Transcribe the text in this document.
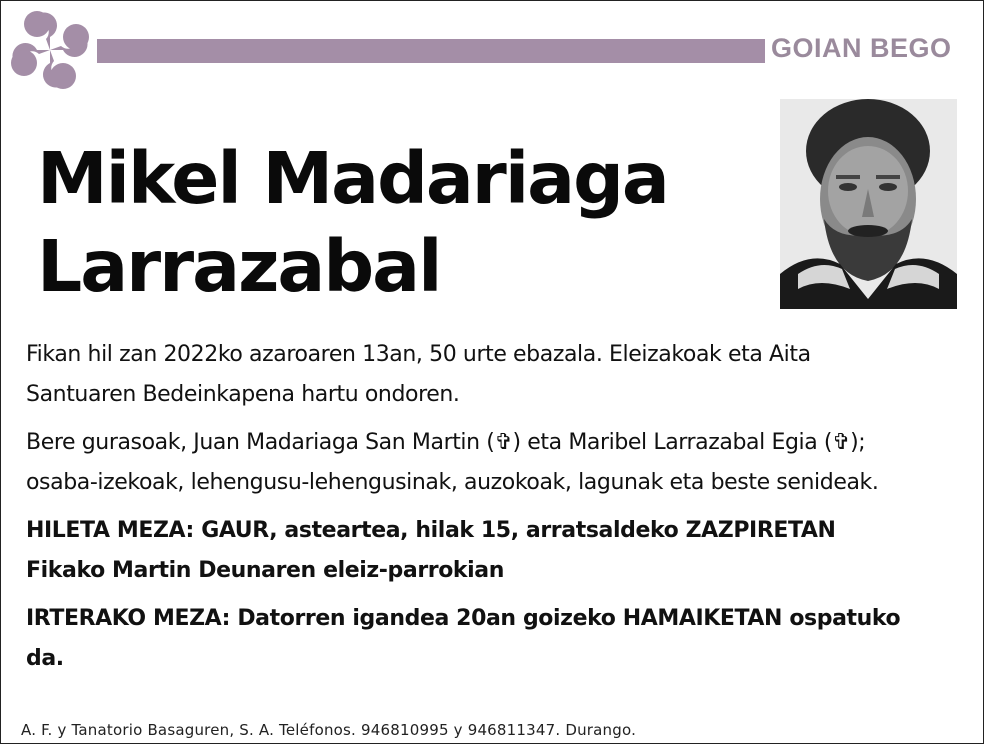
GOIAN BEGO
Mikel Madariaga
Larrazabal

Fikan hil zan 2022ko azaroaren 13an, 50 urte ebazala. Eleizakoak eta Aita
Santuaren Bedeinkapena hartu ondoren.

Bere gurasoak, Juan Madariaga San Martin (✞) eta Maribel Larrazabal Egia (✞);
osaba-izekoak, lehengusu-lehengusinak, auzokoak, lagunak eta beste senideak.

HILETA MEZA: GAUR, asteartea, hilak 15, arratsaldeko ZAZPIRETAN
Fikako Martin Deunaren eleiz-parrokian

IRTERAKO MEZA: Datorren igandea 20an goizeko HAMAIKETAN ospatuko
da.

A. F. y Tanatorio Basaguren, S. A. Teléfonos. 946810995 y 946811347. Durango.
